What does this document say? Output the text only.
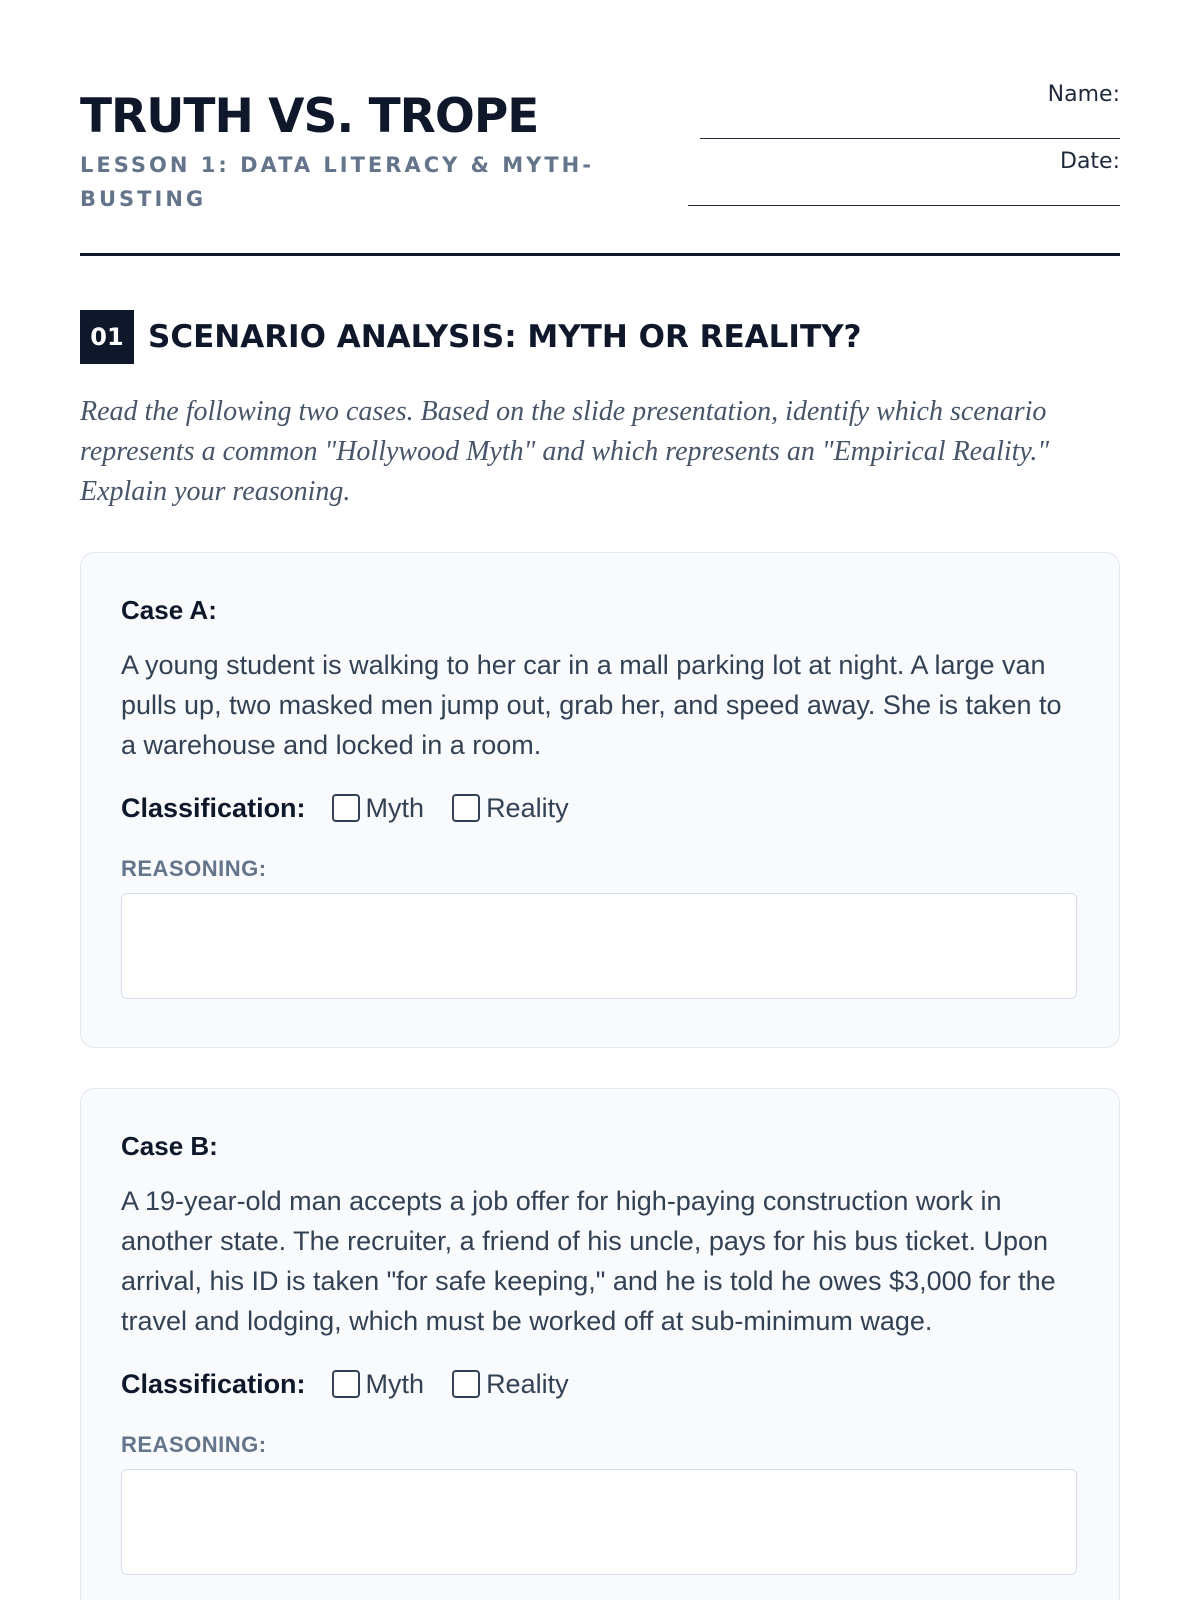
TRUTH VS. TROPE
LESSON 1: DATA LITERACY & MYTH-BUSTING
Name:
Date:
01 SCENARIO ANALYSIS: MYTH OR REALITY?
Read the following two cases. Based on the slide presentation, identify which scenario represents a common "Hollywood Myth" and which represents an "Empirical Reality." Explain your reasoning.
Case A:
A young student is walking to her car in a mall parking lot at night. A large van pulls up, two masked men jump out, grab her, and speed away. She is taken to a warehouse and locked in a room.
Classification: Myth Reality
REASONING:
Case B:
A 19-year-old man accepts a job offer for high-paying construction work in another state. The recruiter, a friend of his uncle, pays for his bus ticket. Upon arrival, his ID is taken "for safe keeping," and he is told he owes $3,000 for the travel and lodging, which must be worked off at sub-minimum wage.
Classification: Myth Reality
REASONING:
